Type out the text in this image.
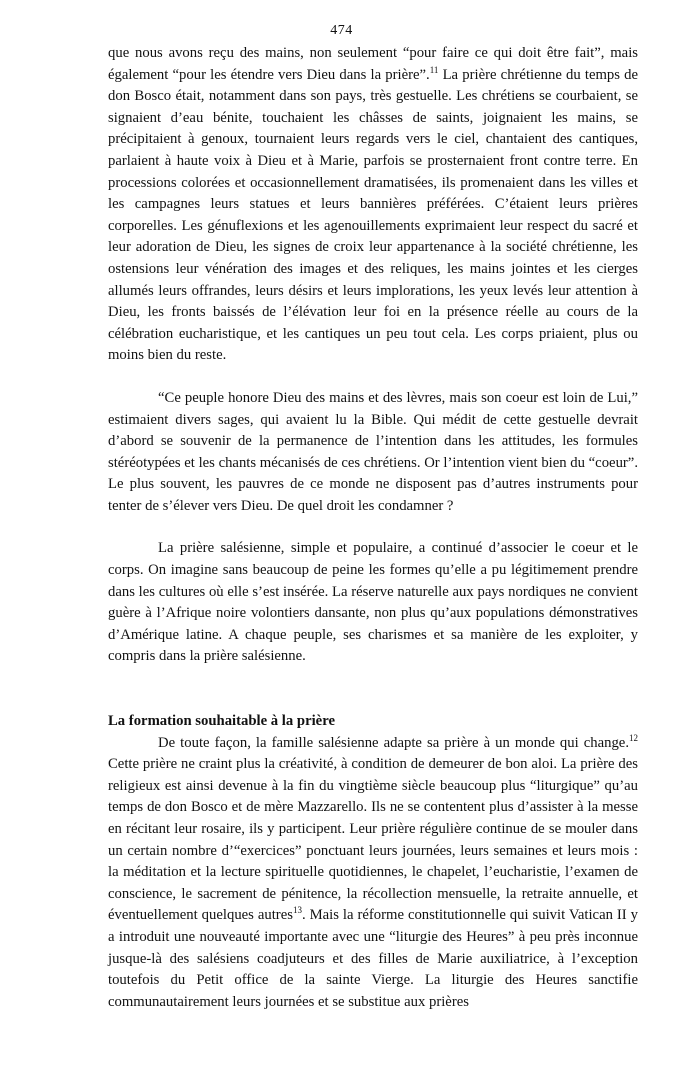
474

que nous avons reçu des mains, non seulement “pour faire ce qui doit être fait”, mais également “pour les étendre vers Dieu dans la prière”.$^{11}$ La prière chrétienne du temps de don Bosco était, notamment dans son pays, très gestuelle. Les chrétiens se courbaient, se signaient d’eau bénite, touchaient les châsses de saints, joignaient les mains, se précipitaient à genoux, tournaient leurs regards vers le ciel, chantaient des cantiques, parlaient à haute voix à Dieu et à Marie, parfois se prosternaient front contre terre. En processions colorées et occasionnellement dramatisées, ils promenaient dans les villes et les campagnes leurs statues et leurs bannières préférées. C’étaient leurs prières corporelles. Les génuflexions et les agenouillements exprimaient leur respect du sacré et leur adoration de Dieu, les signes de croix leur appartenance à la société chrétienne, les ostensions leur vénération des images et des reliques, les mains jointes et les cierges allumés leurs offrandes, leurs désirs et leurs implorations, les yeux levés leur attention à Dieu, les fronts baissés de l’élévation leur foi en la présence réelle au cours de la célébration eucharistique, et les cantiques un peu tout cela. Les corps priaient, plus ou moins bien du reste.

“Ce peuple honore Dieu des mains et des lèvres, mais son coeur est loin de Lui,” estimaient divers sages, qui avaient lu la Bible. Qui médit de cette gestuelle devrait d’abord se souvenir de la permanence de l’intention dans les attitudes, les formules stéréotypées et les chants mécanisés de ces chrétiens. Or l’intention vient bien du “coeur”. Le plus souvent, les pauvres de ce monde ne disposent pas d’autres instruments pour tenter de s’élever vers Dieu. De quel droit les condamner ?

La prière salésienne, simple et populaire, a continué d’associer le coeur et le corps. On imagine sans beaucoup de peine les formes qu’elle a pu légitimement prendre dans les cultures où elle s’est insérée. La réserve naturelle aux pays nordiques ne convient guère à l’Afrique noire volontiers dansante, non plus qu’aux populations démonstratives d’Amérique latine. A chaque peuple, ses charismes et sa manière de les exploiter, y compris dans la prière salésienne.

La formation souhaitable à la prière

De toute façon, la famille salésienne adapte sa prière à un monde qui change.$^{12}$ Cette prière ne craint plus la créativité, à condition de demeurer de bon aloi. La prière des religieux est ainsi devenue à la fin du vingtième siècle beaucoup plus “liturgique” qu’au temps de don Bosco et de mère Mazzarello. Ils ne se contentent plus d’assister à la messe en récitant leur rosaire, ils y participent. Leur prière régulière continue de se mouler dans un certain nombre d’“exercices” ponctuant leurs journées, leurs semaines et leurs mois : la méditation et la lecture spirituelle quotidiennes, le chapelet, l’eucharistie, l’examen de conscience, le sacrement de pénitence, la récollection mensuelle, la retraite annuelle, et éventuellement quelques autres$^{13}$. Mais la réforme constitutionnelle qui suivit Vatican II y a introduit une nouveauté importante avec une “liturgie des Heures” à peu près inconnue jusque-là des salésiens coadjuteurs et des filles de Marie auxiliatrice, à l’exception toutefois du Petit office de la sainte Vierge. La liturgie des Heures sanctifie communautairement leurs journées et se substitue aux prières
